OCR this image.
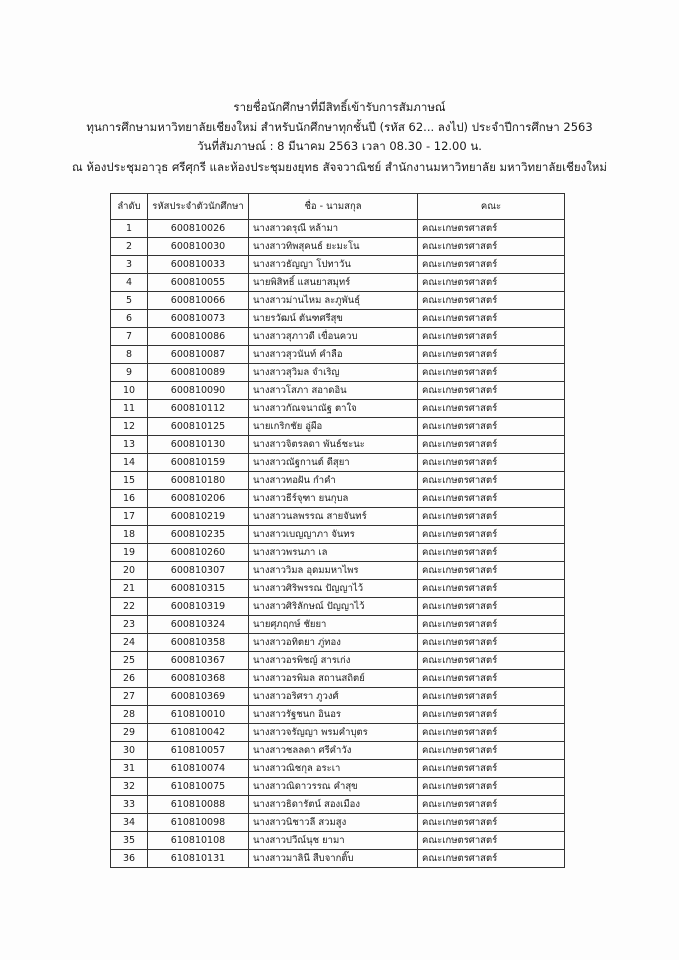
รายชื่อนักศึกษาที่มีสิทธิ์เข้ารับการสัมภาษณ์
ทุนการศึกษามหาวิทยาลัยเชียงใหม่ สำหรับนักศึกษาทุกชั้นปี (รหัส 62... ลงไป) ประจำปีการศึกษา 2563
วันที่สัมภาษณ์ : 8 มีนาคม 2563 เวลา 08.30 - 12.00 น.
ณ ห้องประชุมอาวุธ ศรีศุกรี และห้องประชุมยงยุทธ สัจจวาณิชย์ สำนักงานมหาวิทยาลัย มหาวิทยาลัยเชียงใหม่
ลำดับ	รหัสประจำตัวนักศึกษา	ชื่อ - นามสกุล	คณะ
1	600810026	นางสาวดรุณี หล้ามา	คณะเกษตรศาสตร์
2	600810030	นางสาวทิพสุคนธ์ ยะมะโน	คณะเกษตรศาสตร์
3	600810033	นางสาวธัญญา โปทาวัน	คณะเกษตรศาสตร์
4	600810055	นายพิสิทธิ์ แสนยาสมุทร์	คณะเกษตรศาสตร์
5	600810066	นางสาวม่านไหม ละภูพันธุ์	คณะเกษตรศาสตร์
6	600810073	นายรวัฒน์ ตันฑศรีสุข	คณะเกษตรศาสตร์
7	600810086	นางสาวสุภาวดี เขื่อนควบ	คณะเกษตรศาสตร์
8	600810087	นางสาวสุวนันท์ คำลือ	คณะเกษตรศาสตร์
9	600810089	นางสาวสุวิมล จำเริญ	คณะเกษตรศาสตร์
10	600810090	นางสาวโสภา สอาดอิน	คณะเกษตรศาสตร์
11	600810112	นางสาวกัณจนาณัฐ ตาใจ	คณะเกษตรศาสตร์
12	600810125	นายเกริกชัย อู่ผือ	คณะเกษตรศาสตร์
13	600810130	นางสาวจิตรลดา พันธ์ชะนะ	คณะเกษตรศาสตร์
14	600810159	นางสาวณัฐกานต์ ดีสุยา	คณะเกษตรศาสตร์
15	600810180	นางสาวทอฝัน กำคำ	คณะเกษตรศาสตร์
16	600810206	นางสาวธีร์จุฑา ยนกุบล	คณะเกษตรศาสตร์
17	600810219	นางสาวนลพรรณ สายจันทร์	คณะเกษตรศาสตร์
18	600810235	นางสาวเบญญาภา จันทร	คณะเกษตรศาสตร์
19	600810260	นางสาวพรนภา เล	คณะเกษตรศาสตร์
20	600810307	นางสาววิมล อุดมมหาไพร	คณะเกษตรศาสตร์
21	600810315	นางสาวศิริพรรณ ปัญญาไว้	คณะเกษตรศาสตร์
22	600810319	นางสาวศิริลักษณ์ ปัญญาไว้	คณะเกษตรศาสตร์
23	600810324	นายศุภฤกษ์ ชัยยา	คณะเกษตรศาสตร์
24	600810358	นางสาวอทิตยา ภู่ทอง	คณะเกษตรศาสตร์
25	600810367	นางสาวอรพิชญ์ สารเก่ง	คณะเกษตรศาสตร์
26	600810368	นางสาวอรพิมล สถานสถิตย์	คณะเกษตรศาสตร์
27	600810369	นางสาวอริศรา ภูวงศ์	คณะเกษตรศาสตร์
28	610810010	นางสาวรัฐชนก อินอร	คณะเกษตรศาสตร์
29	610810042	นางสาวจรัญญา พรมคำบุตร	คณะเกษตรศาสตร์
30	610810057	นางสาวชลลดา ศรีคำวัง	คณะเกษตรศาสตร์
31	610810074	นางสาวณิชกุล อระเา	คณะเกษตรศาสตร์
32	610810075	นางสาวณิดาวรรณ คำสุข	คณะเกษตรศาสตร์
33	610810088	นางสาวธิดารัตน์ สองเมือง	คณะเกษตรศาสตร์
34	610810098	นางสาวนิชาวลี สวมสูง	คณะเกษตรศาสตร์
35	610810108	นางสาวปวีณ์นุช ยามา	คณะเกษตรศาสตร์
36	610810131	นางสาวมาลินี สืบจากติ๊บ	คณะเกษตรศาสตร์
